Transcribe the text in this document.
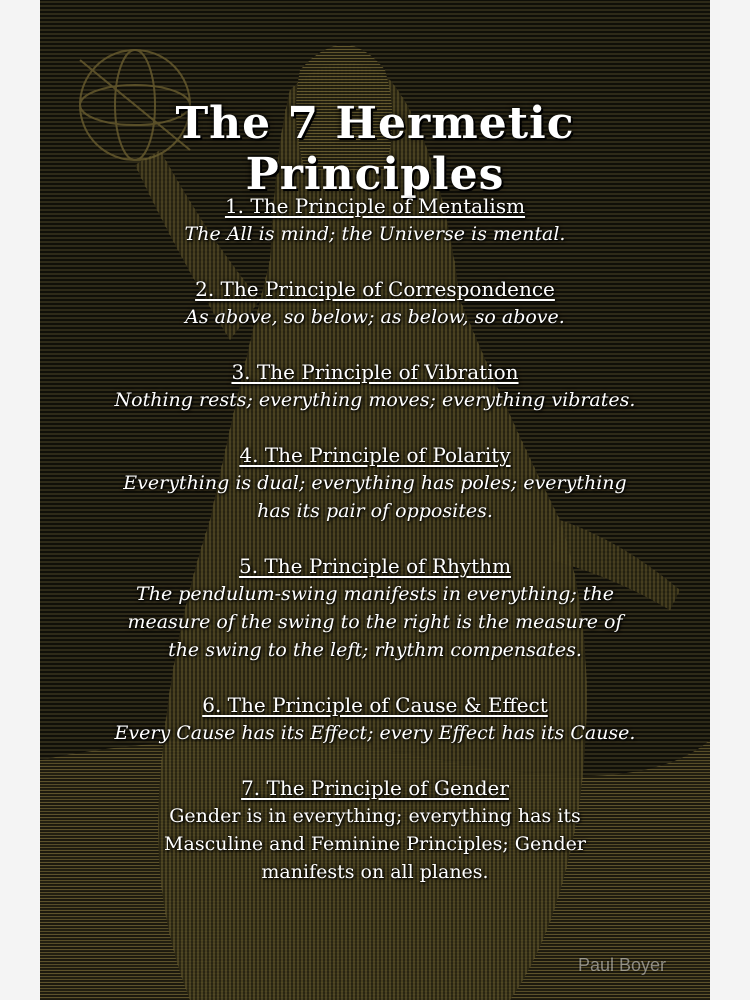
The 7 Hermetic Principles
1. The Principle of Mentalism
The All is mind; the Universe is mental.
2. The Principle of Correspondence
As above, so below; as below, so above.
3. The Principle of Vibration
Nothing rests; everything moves; everything vibrates.
4. The Principle of Polarity
Everything is dual; everything has poles; everything
has its pair of opposites.
5. The Principle of Rhythm
The pendulum-swing manifests in everything; the
measure of the swing to the right is the measure of
the swing to the left; rhythm compensates.
6. The Principle of Cause & Effect
Every Cause has its Effect; every Effect has its Cause.
7. The Principle of Gender
Gender is in everything; everything has its
Masculine and Feminine Principles; Gender
manifests on all planes.
Paul Boyer
